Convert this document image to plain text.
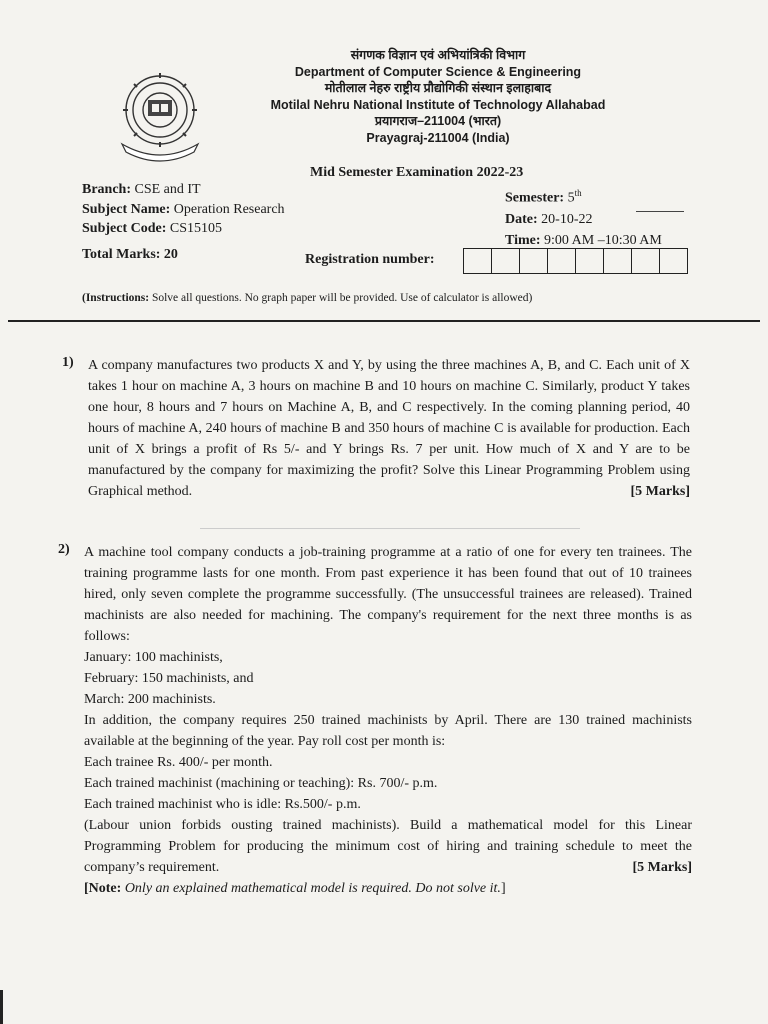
संगणक विज्ञान एवं अभियांत्रिकी विभाग
Department of Computer Science & Engineering
मोतीलाल नेहरु राष्ट्रीय प्रौद्योगिकी संस्थान इलाहाबाद
Motilal Nehru National Institute of Technology Allahabad
प्रयागराज–211004 (भारत)
Prayagraj-211004 (India)
Mid Semester Examination 2022-23
Branch: CSE and IT
Subject Name: Operation Research
Subject Code: CS15105
Semester: 5th
Date: 20-10-22
Time: 9:00 AM –10:30 AM
Total Marks: 20	Registration number:
(Instructions: Solve all questions. No graph paper will be provided. Use of calculator is allowed)
1) A company manufactures two products X and Y, by using the three machines A, B, and C. Each unit of X takes 1 hour on machine A, 3 hours on machine B and 10 hours on machine C. Similarly, product Y takes one hour, 8 hours and 7 hours on Machine A, B, and C respectively. In the coming planning period, 40 hours of machine A, 240 hours of machine B and 350 hours of machine C is available for production. Each unit of X brings a profit of Rs 5/- and Y brings Rs. 7 per unit. How much of X and Y are to be manufactured by the company for maximizing the profit? Solve this Linear Programming Problem using Graphical method.	[5 Marks]
2) A machine tool company conducts a job-training programme at a ratio of one for every ten trainees. The training programme lasts for one month. From past experience it has been found that out of 10 trainees hired, only seven complete the programme successfully. (The unsuccessful trainees are released). Trained machinists are also needed for machining. The company's requirement for the next three months is as follows:
January: 100 machinists,
February: 150 machinists, and
March: 200 machinists.
In addition, the company requires 250 trained machinists by April. There are 130 trained machinists available at the beginning of the year. Pay roll cost per month is:
Each trainee Rs. 400/- per month.
Each trained machinist (machining or teaching): Rs. 700/- p.m.
Each trained machinist who is idle: Rs.500/- p.m.
(Labour union forbids ousting trained machinists). Build a mathematical model for this Linear Programming Problem for producing the minimum cost of hiring and training schedule to meet the company’s requirement.	[5 Marks]
[Note: Only an explained mathematical model is required. Do not solve it.]
